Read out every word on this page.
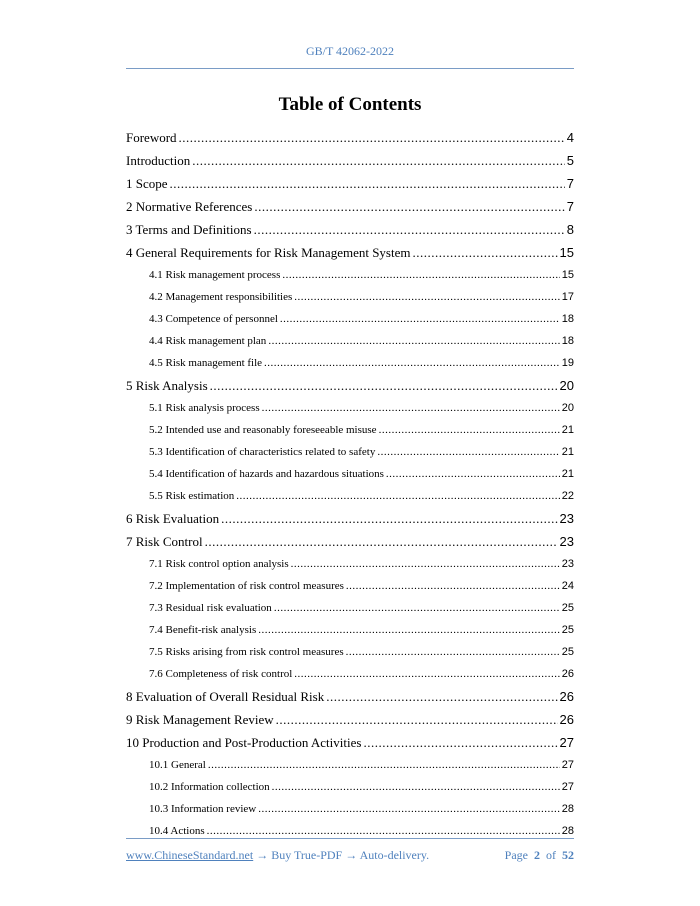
GB/T 42062-2022
Table of Contents
Foreword .....	4
Introduction .....	5
1 Scope .....	7
2 Normative References .....	7
3 Terms and Definitions .....	8
4 General Requirements for Risk Management System .....	15
4.1 Risk management process .....	15
4.2 Management responsibilities .....	17
4.3 Competence of personnel .....	18
4.4 Risk management plan .....	18
4.5 Risk management file .....	19
5 Risk Analysis .....	20
5.1 Risk analysis process .....	20
5.2 Intended use and reasonably foreseeable misuse .....	21
5.3 Identification of characteristics related to safety .....	21
5.4 Identification of hazards and hazardous situations .....	21
5.5 Risk estimation .....	22
6 Risk Evaluation .....	23
7 Risk Control .....	23
7.1 Risk control option analysis .....	23
7.2 Implementation of risk control measures .....	24
7.3 Residual risk evaluation .....	25
7.4 Benefit-risk analysis .....	25
7.5 Risks arising from risk control measures .....	25
7.6 Completeness of risk control .....	26
8 Evaluation of Overall Residual Risk .....	26
9 Risk Management Review .....	26
10 Production and Post-Production Activities .....	27
10.1 General .....	27
10.2 Information collection .....	27
10.3 Information review .....	28
10.4 Actions .....	28
www.ChineseStandard.net → Buy True-PDF → Auto-delivery.	Page 2 of 52
